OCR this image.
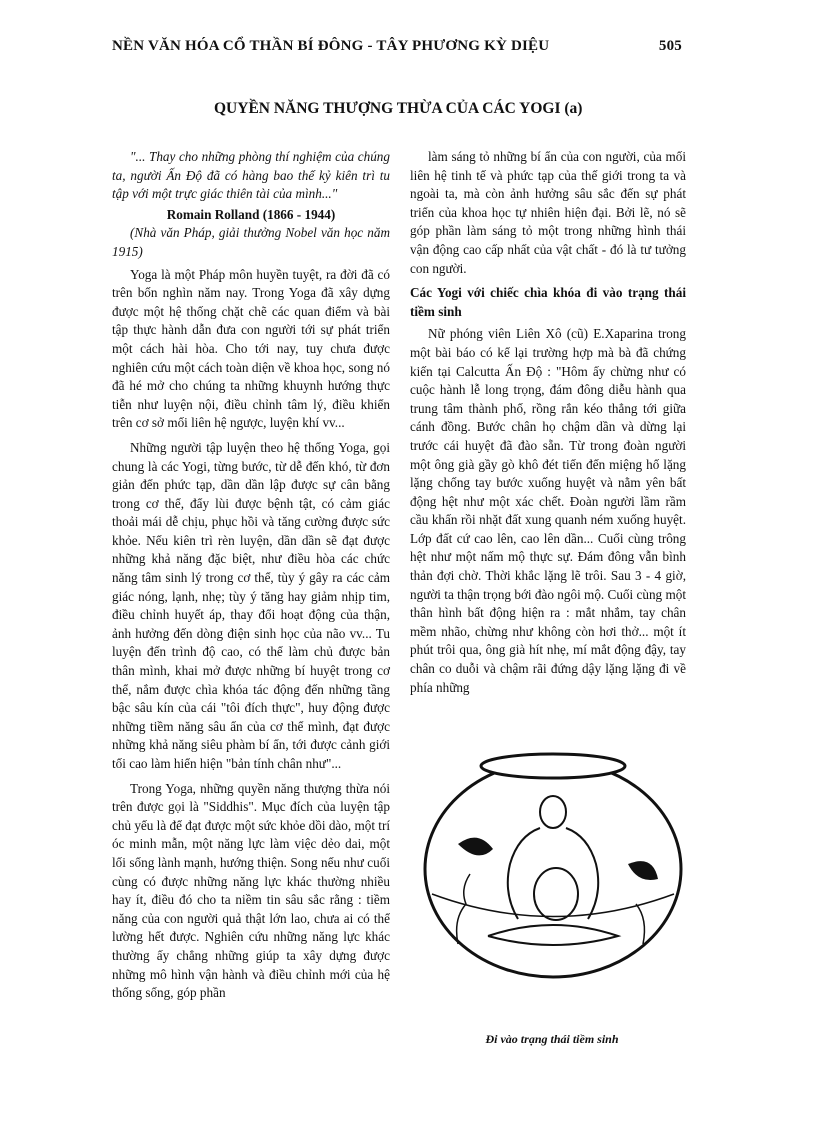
NỀN VĂN HÓA CỔ THẦN BÍ ĐÔNG - TÂY PHƯƠNG KỲ DIỆU	505
QUYỀN NĂNG THƯỢNG THỪA CỦA CÁC YOGI (a)

"... Thay cho những phòng thí nghiệm của chúng ta, người Ấn Độ đã có hàng bao thế kỷ kiên trì tu tập với một trực giác thiên tài của mình..."

Romain Rolland (1866 - 1944)

(Nhà văn Pháp, giải thưởng Nobel văn học năm 1915)

Yoga là một Pháp môn huyền tuyệt, ra đời đã có trên bốn nghìn năm nay. Trong Yoga đã xây dựng được một hệ thống chặt chẽ các quan điểm và bài tập thực hành dẫn đưa con người tới sự phát triển một cách hài hòa. Cho tới nay, tuy chưa được nghiên cứu một cách toàn diện về khoa học, song nó đã hé mở cho chúng ta những khuynh hướng thực tiễn như luyện nội, điều chỉnh tâm lý, điều khiển trên cơ sở mối liên hệ ngược, luyện khí vv...

Những người tập luyện theo hệ thống Yoga, gọi chung là các Yogi, từng bước, từ dễ đến khó, từ đơn giản đến phức tạp, dần dần lập được sự cân bằng trong cơ thể, đẩy lùi được bệnh tật, có cảm giác thoải mái dễ chịu, phục hồi và tăng cường được sức khỏe. Nếu kiên trì rèn luyện, dần dần sẽ đạt được những khả năng đặc biệt, như điều hòa các chức năng tâm sinh lý trong cơ thể, tùy ý gây ra các cảm giác nóng, lạnh, nhẹ; tùy ý tăng hay giảm nhịp tim, điều chỉnh huyết áp, thay đổi hoạt động của thận, ảnh hưởng đến dòng điện sinh học của não vv... Tu luyện đến trình độ cao, có thể làm chủ được bản thân mình, khai mở được những bí huyệt trong cơ thể, nắm được chìa khóa tác động đến những tầng bậc sâu kín của cái "tôi đích thực", huy động được những tiềm năng sâu ẩn của cơ thể mình, đạt được những khả năng siêu phàm bí ẩn, tới được cảnh giới tối cao làm hiển hiện "bản tính chân như"...

Trong Yoga, những quyền năng thượng thừa nói trên được gọi là "Siddhis". Mục đích của luyện tập chủ yếu là để đạt được một sức khỏe dồi dào, một trí óc minh mẫn, một năng lực làm việc dẻo dai, một lối sống lành mạnh, hướng thiện. Song nếu như cuối cùng có được những năng lực khác thường nhiều hay ít, điều đó cho ta niềm tin sâu sắc rằng : tiềm năng của con người quả thật lớn lao, chưa ai có thể lường hết được. Nghiên cứu những năng lực khác thường ấy chẳng những giúp ta xây dựng được những mô hình vận hành và điều chỉnh mới của hệ thống sống, góp phần

làm sáng tỏ những bí ẩn của con người, của mối liên hệ tinh tế và phức tạp của thế giới trong ta và ngoài ta, mà còn ảnh hưởng sâu sắc đến sự phát triển của khoa học tự nhiên hiện đại. Bởi lẽ, nó sẽ góp phần làm sáng tỏ một trong những hình thái vận động cao cấp nhất của vật chất - đó là tư tưởng con người.

Các Yogi với chiếc chìa khóa đi vào trạng thái tiềm sinh

Nữ phóng viên Liên Xô (cũ) E.Xaparina trong một bài báo có kể lại trường hợp mà bà đã chứng kiến tại Calcutta Ấn Độ : "Hôm ấy chừng như có cuộc hành lễ long trọng, đám đông diễu hành qua trung tâm thành phố, rồng rắn kéo thẳng tới giữa cánh đồng. Bước chân họ chậm dần và dừng lại trước cái huyệt đã đào sẵn. Từ trong đoàn người một ông già gầy gò khô đét tiến đến miệng hố lặng lặng chống tay bước xuống huyệt và nằm yên bất động hệt như một xác chết. Đoàn người lầm rầm cầu khấn rồi nhặt đất xung quanh ném xuống huyệt. Lớp đất cứ cao lên, cao lên dần... Cuối cùng trông hệt như một nấm mộ thực sự. Đám đông vẫn bình thản đợi chờ. Thời khắc lặng lẽ trôi. Sau 3 - 4 giờ, người ta thận trọng bới đào ngôi mộ. Cuối cùng một thân hình bất động hiện ra : mắt nhắm, tay chân mềm nhão, chừng như không còn hơi thở... một ít phút trôi qua, ông già hít nhẹ, mí mắt động đậy, tay chân co duỗi và chậm rãi đứng dậy lặng lặng đi về phía những

Đi vào trạng thái tiềm sinh
